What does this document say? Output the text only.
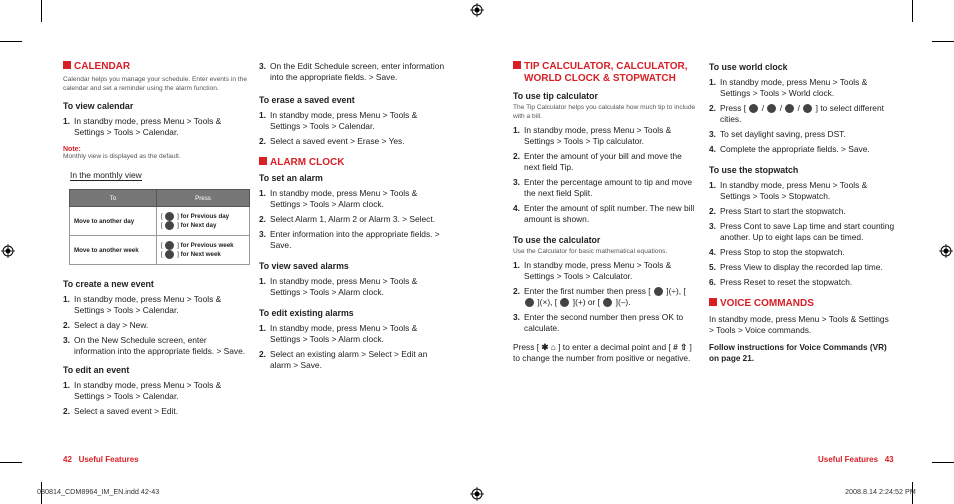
CALENDAR
Calendar helps you manage your schedule. Enter events in the calendar and set a reminder using the alarm function.
To view calendar
1. In standby mode, press Menu > Tools & Settings > Tools > Calendar.
Note:
Monthly view is displayed as the default.
In the monthly view
To	Press
Move to another day	[  ] for Previous day
[  ] for Next day

Move to another week	[  ] for Previous week
[  ] for Next week
To create a new event
1. In standby mode, press Menu > Tools & Settings > Tools > Calendar.
2. Select a day > New.
3. On the New Schedule screen, enter information into the appropriate fields. > Save.
To edit an event
1. In standby mode, press Menu > Tools & Settings > Tools > Calendar.
2. Select a saved event > Edit.
3. On the Edit Schedule screen, enter information into the appropriate fields. > Save.
To erase a saved event
1. In standby mode, press Menu > Tools & Settings > Tools > Calendar.
2. Select a saved event > Erase > Yes.
ALARM CLOCK
To set an alarm
1. In standby mode, press Menu > Tools & Settings > Tools > Alarm clock.
2. Select Alarm 1, Alarm 2 or Alarm 3. > Select.
3. Enter information into the appropriate fields. > Save.
To view saved alarms
1. In standby mode, press Menu > Tools & Settings > Tools > Alarm clock.
To edit existing alarms
1. In standby mode, press Menu > Tools & Settings > Tools > Alarm clock.
2. Select an existing alarm > Select > Edit an alarm > Save.
TIP CALCULATOR, CALCULATOR,
WORLD CLOCK & STOPWATCH
To use tip calculator
The Tip Calculator helps you calculate how much tip to include with a bill.
1. In standby mode, press Menu > Tools & Settings > Tools > Tip calculator.
2. Enter the amount of your bill and move the next field Tip.
3. Enter the percentage amount to tip and move the next field Split.
4. Enter the amount of split number. The new bill amount is shown.
To use the calculator
Use the Calculator for basic mathematical equations.
1. In standby mode, press Menu > Tools & Settings > Tools > Calculator.
2. Enter the first number then press [ ](÷), [  ](×), [ ](+) or [ ](–).
3. Enter the second number then press OK to calculate.
Press [ ✱ ⌂ ] to enter a decimal point and [ # ⇧ ] to change the number from positive or negative.
To use world clock
1. In standby mode, press Menu > Tools & Settings > Tools > World clock.
2. Press [  /  /  /  ] to select different cities.
3. To set daylight saving, press DST.
4. Complete the appropriate fields. > Save.
To use the stopwatch
1. In standby mode, press Menu > Tools & Settings > Tools > Stopwatch.
2. Press Start to start the stopwatch.
3. Press Cont to save Lap time and start counting another. Up to eight laps can be timed.
4. Press Stop to stop the stopwatch.
5. Press View to display the recorded lap time.
6. Press Reset to reset the stopwatch.
VOICE COMMANDS
In standby mode, press Menu > Tools & Settings > Tools > Voice commands.
Follow instructions for Voice Commands (VR) on page 21.
42 Useful Features	Useful Features 43
080814_CDM8964_IM_EN.indd 42-43	2008.8.14 2:24:52 PM
